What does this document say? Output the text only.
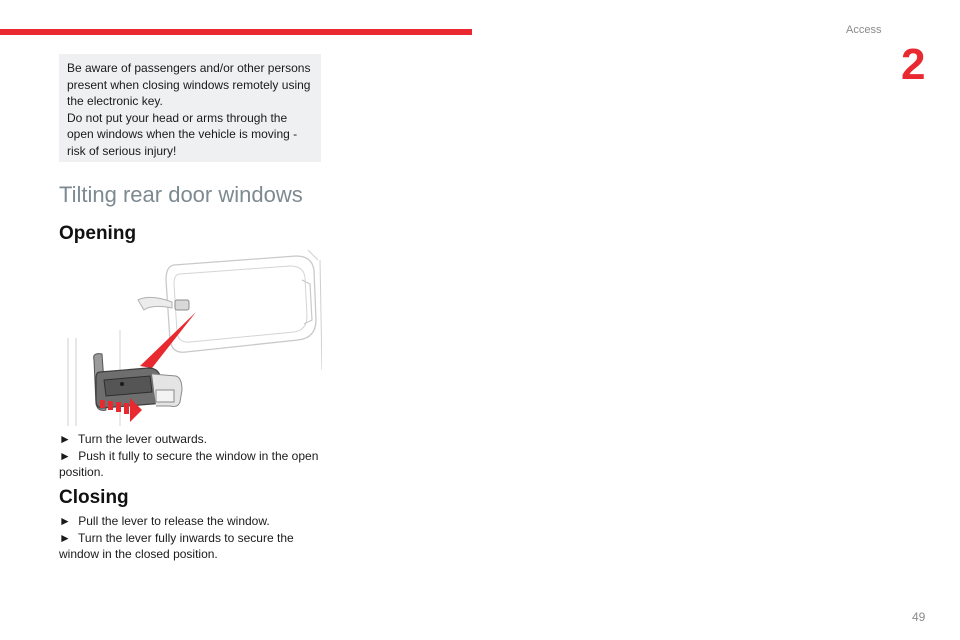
Access
2

Be aware of passengers and/or other persons present when closing windows remotely using the electronic key.

Do not put your head or arms through the open windows when the vehicle is moving - risk of serious injury!

Tilting rear door windows
Opening

► Turn the lever outwards.

► Push it fully to secure the window in the open position.

Closing

► Pull the lever to release the window.

► Turn the lever fully inwards to secure the window in the closed position.

49
